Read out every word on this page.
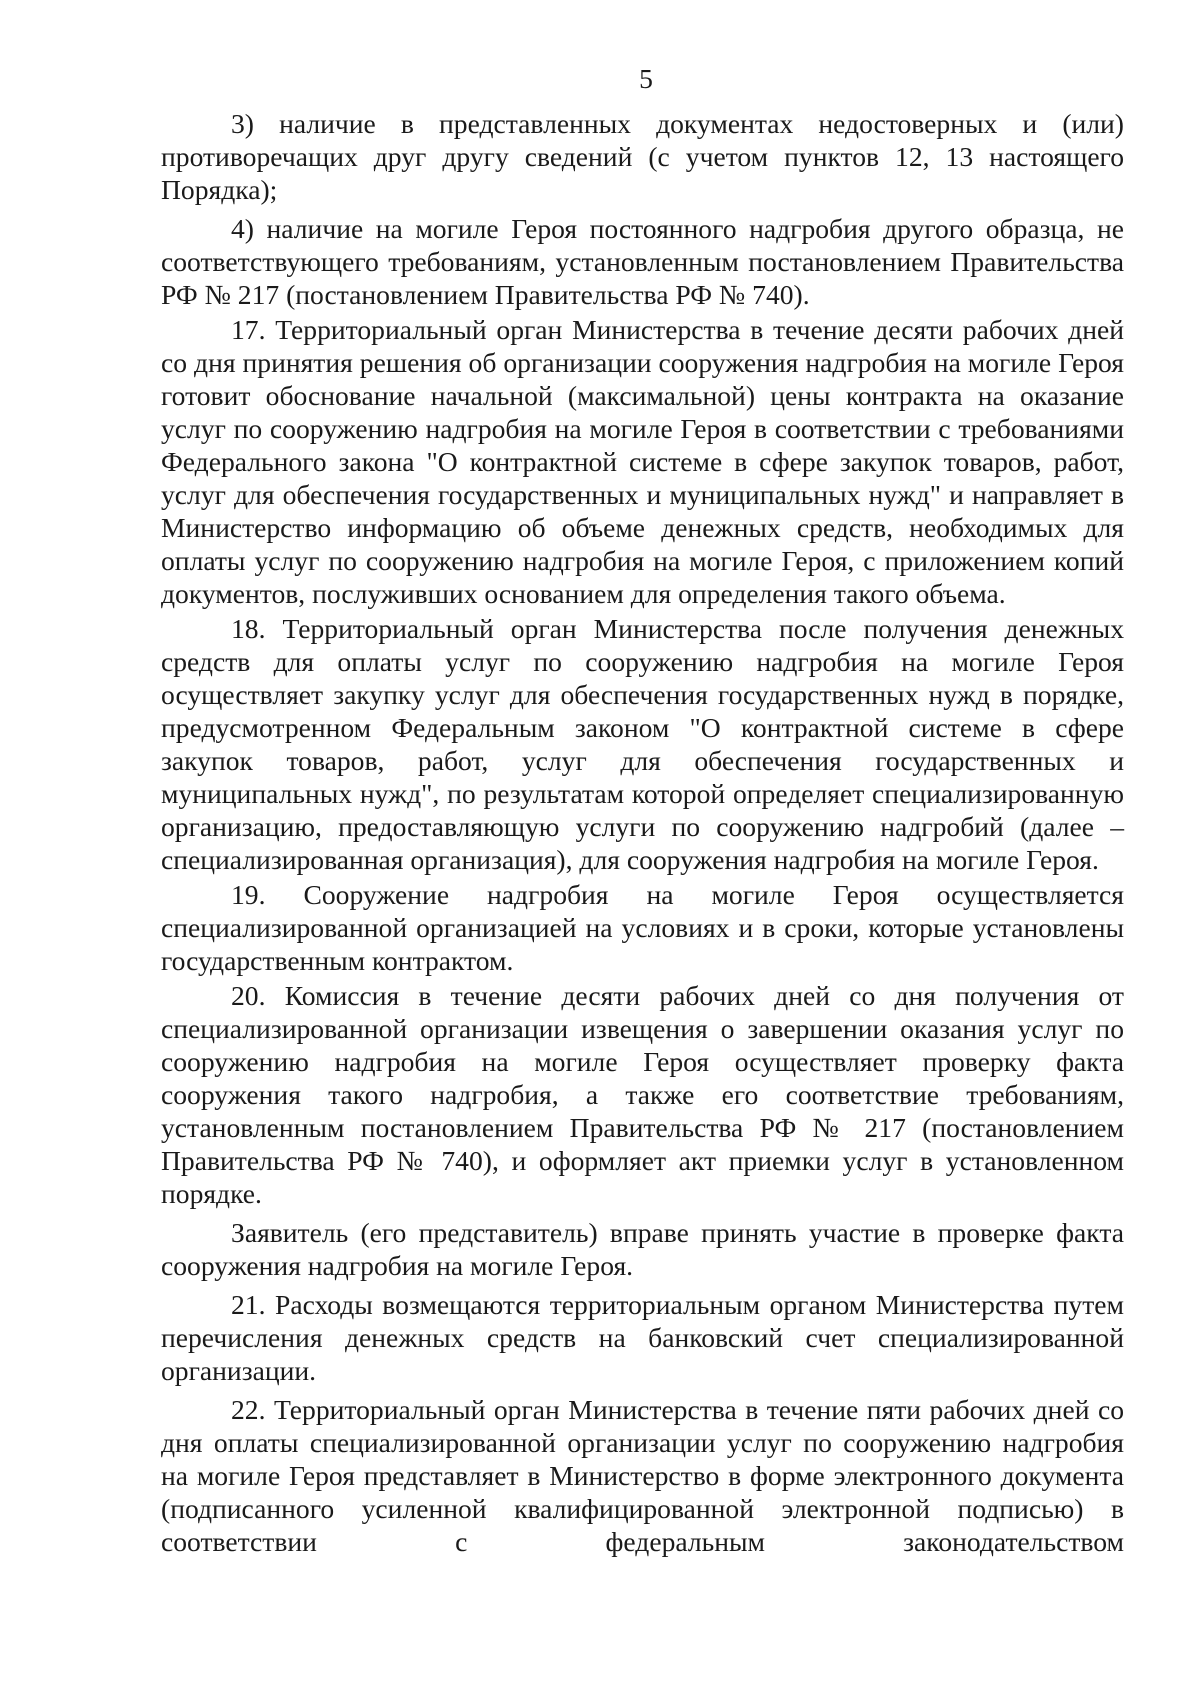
5

3) наличие в представленных документах недостоверных и (или) противоречащих друг другу сведений (с учетом пунктов 12, 13 настоящего Порядка);

4) наличие на могиле Героя постоянного надгробия другого образца, не соответствующего требованиям, установленным постановлением Правительства РФ № 217 (постановлением Правительства РФ № 740).

17. Территориальный орган Министерства в течение десяти рабочих дней со дня принятия решения об организации сооружения надгробия на могиле Героя готовит обоснование начальной (максимальной) цены контракта на оказание услуг по сооружению надгробия на могиле Героя в соответствии с требованиями Федерального закона "О контрактной системе в сфере закупок товаров, работ, услуг для обеспечения государственных и муниципальных нужд" и направляет в Министерство информацию об объеме денежных средств, необходимых для оплаты услуг по сооружению надгробия на могиле Героя, с приложением копий документов, послуживших основанием для определения такого объема.

18. Территориальный орган Министерства после получения денежных средств для оплаты услуг по сооружению надгробия на могиле Героя осуществляет закупку услуг для обеспечения государственных нужд в порядке, предусмотренном Федеральным законом "О контрактной системе в сфере закупок товаров, работ, услуг для обеспечения государственных и муниципальных нужд", по результатам которой определяет специализированную организацию, предоставляющую услуги по сооружению надгробий (далее – специализированная организация), для сооружения надгробия на могиле Героя.

19. Сооружение надгробия на могиле Героя осуществляется специализированной организацией на условиях и в сроки, которые установлены государственным контрактом.

20. Комиссия в течение десяти рабочих дней со дня получения от специализированной организации извещения о завершении оказания услуг по сооружению надгробия на могиле Героя осуществляет проверку факта сооружения такого надгробия, а также его соответствие требованиям, установленным постановлением Правительства РФ № 217 (постановлением Правительства РФ № 740), и оформляет акт приемки услуг в установленном порядке.

Заявитель (его представитель) вправе принять участие в проверке факта сооружения надгробия на могиле Героя.

21. Расходы возмещаются территориальным органом Министерства путем перечисления денежных средств на банковский счет специализированной организации.

22. Территориальный орган Министерства в течение пяти рабочих дней со дня оплаты специализированной организации услуг по сооружению надгробия на могиле Героя представляет в Министерство в форме электронного документа (подписанного усиленной квалифицированной электронной подписью) в соответствии с федеральным законодательством
